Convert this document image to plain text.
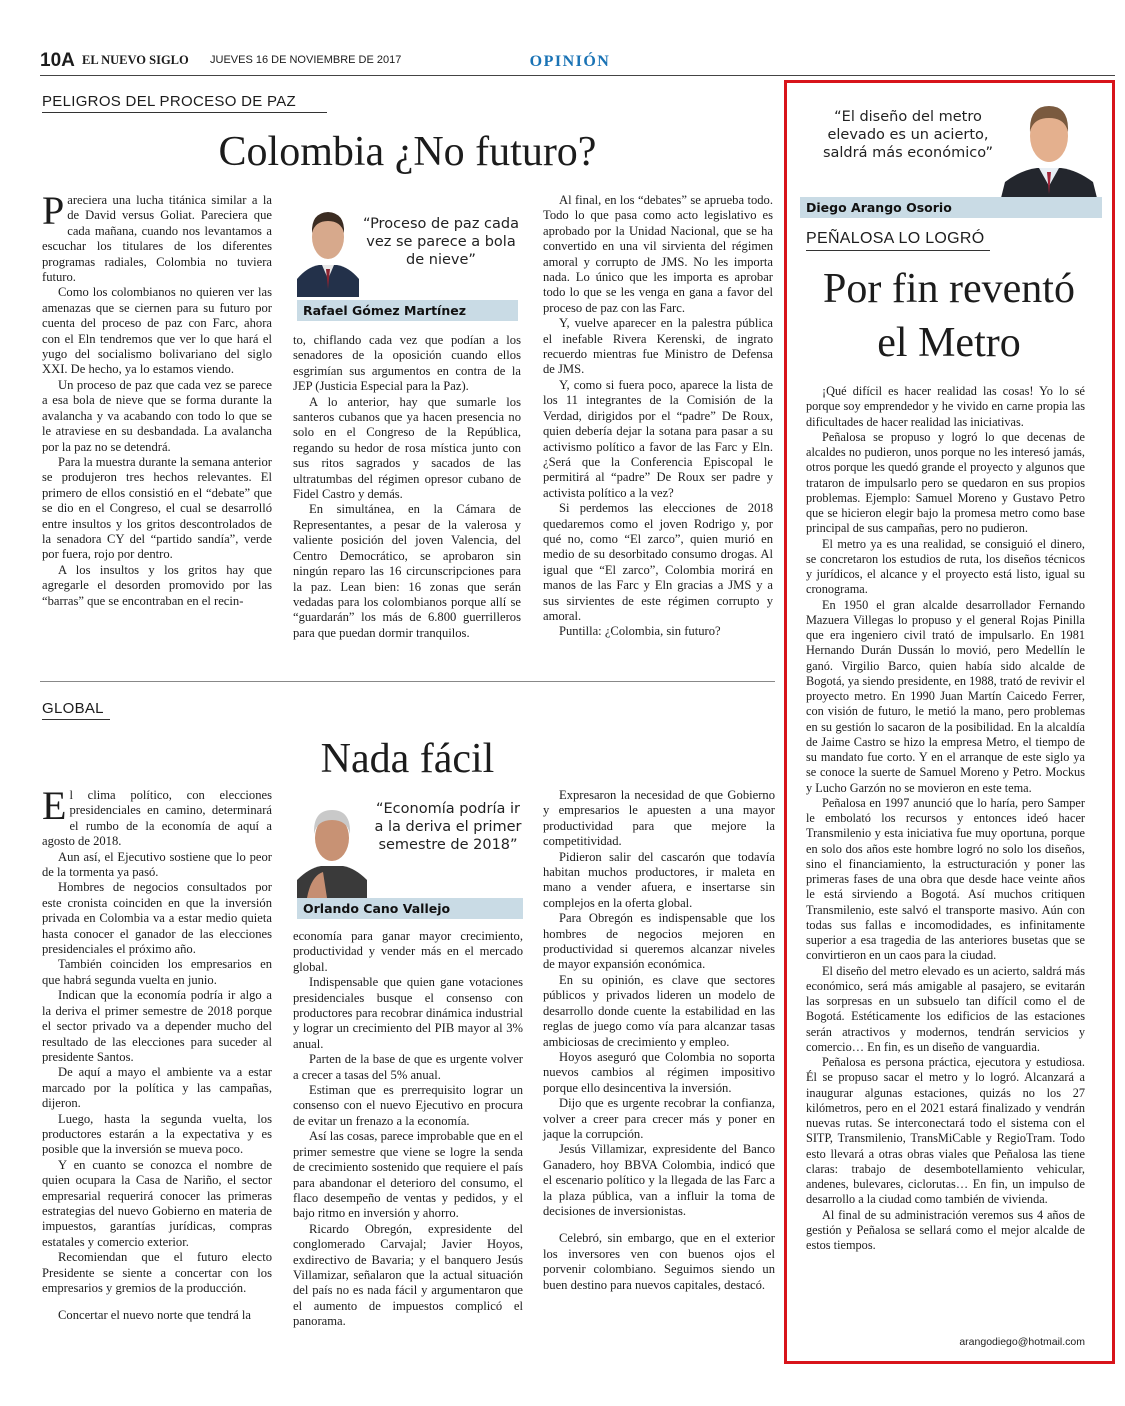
10A EL NUEVO SIGLO JUEVES 16 DE NOVIEMBRE DE 2017	OPINIÓN
PELIGROS DEL PROCESO DE PAZ
Colombia ¿No futuro?

Pareciera una lucha titánica similar a la de David versus Goliat. Pareciera que cada mañana, cuando nos levantamos a escuchar los titulares de los diferentes programas radiales, Colombia no tuviera futuro.

Como los colombianos no quieren ver las amenazas que se ciernen para su futuro por cuenta del proceso de paz con Farc, ahora con el Eln tendremos que ver lo que hará el yugo del socialismo bolivariano del siglo XXI. De hecho, ya lo estamos viendo.

Un proceso de paz que cada vez se parece a esa bola de nieve que se forma durante la avalancha y va acabando con todo lo que se le atraviese en su desbandada. La avalancha por la paz no se detendrá.

Para la muestra durante la semana anterior se produjeron tres hechos relevantes. El primero de ellos consistió en el “debate” que se dio en el Congreso, el cual se desarrolló entre insultos y los gritos descontrolados de la senadora CY del “partido sandía”, verde por fuera, rojo por dentro.

A los insultos y los gritos hay que agregarle el desorden promovido por las “barras” que se encontraban en el recin-

“Proceso de paz cada vez se parece a bola de nieve”
Rafael Gómez Martínez

to, chiflando cada vez que podían a los senadores de la oposición cuando ellos esgrimían sus argumentos en contra de la JEP (Justicia Especial para la Paz).

A lo anterior, hay que sumarle los santeros cubanos que ya hacen presencia no solo en el Congreso de la República, regando su hedor de rosa mística junto con sus ritos sagrados y sacados de las ultratumbas del régimen opresor cubano de Fidel Castro y demás.

En simultánea, en la Cámara de Representantes, a pesar de la valerosa y valiente posición del joven Valencia, del Centro Democrático, se aprobaron sin ningún reparo las 16 circunscripciones para la paz. Lean bien: 16 zonas que serán vedadas para los colombianos porque allí se “guardarán” los más de 6.800 guerrilleros para que puedan dormir tranquilos.

Al final, en los “debates” se aprueba todo. Todo lo que pasa como acto legislativo es aprobado por la Unidad Nacional, que se ha convertido en una vil sirvienta del régimen amoral y corrupto de JMS. No les importa nada. Lo único que les importa es aprobar todo lo que se les venga en gana a favor del proceso de paz con las Farc.

Y, vuelve aparecer en la palestra pública el inefable Rivera Kerenski, de ingrato recuerdo mientras fue Ministro de Defensa de JMS.

Y, como si fuera poco, aparece la lista de los 11 integrantes de la Comisión de la Verdad, dirigidos por el “padre” De Roux, quien debería dejar la sotana para pasar a su activismo político a favor de las Farc y Eln. ¿Será que la Conferencia Episcopal le permitirá al “padre” De Roux ser padre y activista político a la vez?

Si perdemos las elecciones de 2018 quedaremos como el joven Rodrigo y, por qué no, como “El zarco”, quien murió en medio de su desorbitado consumo drogas. Al igual que “El zarco”, Colombia morirá en manos de las Farc y Eln gracias a JMS y a sus sirvientes de este régimen corrupto y amoral.

Puntilla: ¿Colombia, sin futuro?

GLOBAL
Nada fácil

El clima político, con elecciones presidenciales en camino, determinará el rumbo de la economía de aquí a agosto de 2018.

Aun así, el Ejecutivo sostiene que lo peor de la tormenta ya pasó.

Hombres de negocios consultados por este cronista coinciden en que la inversión privada en Colombia va a estar medio quieta hasta conocer el ganador de las elecciones presidenciales el próximo año.

También coinciden los empresarios en que habrá segunda vuelta en junio.

Indican que la economía podría ir algo a la deriva el primer semestre de 2018 porque el sector privado va a depender mucho del resultado de las elecciones para suceder al presidente Santos.

De aquí a mayo el ambiente va a estar marcado por la política y las campañas, dijeron.

Luego, hasta la segunda vuelta, los productores estarán a la expectativa y es posible que la inversión se mueva poco.

Y en cuanto se conozca el nombre de quien ocupara la Casa de Nariño, el sector empresarial requerirá conocer las primeras estrategias del nuevo Gobierno en materia de impuestos, garantías jurídicas, compras estatales y comercio exterior.

Recomiendan que el futuro electo Presidente se siente a concertar con los empresarios y gremios de la producción.

Concertar el nuevo norte que tendrá la

“Economía podría ir a la deriva el primer semestre de 2018”
Orlando Cano Vallejo

economía para ganar mayor crecimiento, productividad y vender más en el mercado global.

Indispensable que quien gane votaciones presidenciales busque el consenso con productores para recobrar dinámica industrial y lograr un crecimiento del PIB mayor al 3% anual.

Parten de la base de que es urgente volver a crecer a tasas del 5% anual.

Estiman que es prerrequisito lograr un consenso con el nuevo Ejecutivo en procura de evitar un frenazo a la economía.

Así las cosas, parece improbable que en el primer semestre que viene se logre la senda de crecimiento sostenido que requiere el país para abandonar el deterioro del consumo, el flaco desempeño de ventas y pedidos, y el bajo ritmo en inversión y ahorro.

Ricardo Obregón, expresidente del conglomerado Carvajal; Javier Hoyos, exdirectivo de Bavaria; y el banquero Jesús Villamizar, señalaron que la actual situación del país no es nada fácil y argumentaron que el aumento de impuestos complicó el panorama.

Expresaron la necesidad de que Gobierno y empresarios le apuesten a una mayor productividad para que mejore la competitividad.

Pidieron salir del cascarón que todavía habitan muchos productores, ir maleta en mano a vender afuera, e insertarse sin complejos en la oferta global.

Para Obregón es indispensable que los hombres de negocios mejoren en productividad si queremos alcanzar niveles de mayor expansión económica.

En su opinión, es clave que sectores públicos y privados lideren un modelo de desarrollo donde cuente la estabilidad en las reglas de juego como vía para alcanzar tasas ambiciosas de crecimiento y empleo.

Hoyos aseguró que Colombia no soporta nuevos cambios al régimen impositivo porque ello desincentiva la inversión.

Dijo que es urgente recobrar la confianza, volver a creer para crecer más y poner en jaque la corrupción.

Jesús Villamizar, expresidente del Banco Ganadero, hoy BBVA Colombia, indicó que el escenario político y la llegada de las Farc a la plaza pública, van a influir la toma de decisiones de inversionistas.

Celebró, sin embargo, que en el exterior los inversores ven con buenos ojos el porvenir colombiano. Seguimos siendo un buen destino para nuevos capitales, destacó.

“El diseño del metro elevado es un acierto, saldrá más económico”
Diego Arango Osorio
PEÑALOSA LO LOGRÓ
Por fin reventó
el Metro

¡Qué difícil es hacer realidad las cosas! Yo lo sé porque soy emprendedor y he vivido en carne propia las dificultades de hacer realidad las iniciativas.

Peñalosa se propuso y logró lo que decenas de alcaldes no pudieron, unos porque no les interesó jamás, otros porque les quedó grande el proyecto y algunos que trataron de impulsarlo pero se quedaron en sus propios problemas. Ejemplo: Samuel Moreno y Gustavo Petro que se hicieron elegir bajo la promesa metro como base principal de sus campañas, pero no pudieron.

El metro ya es una realidad, se consiguió el dinero, se concretaron los estudios de ruta, los diseños técnicos y jurídicos, el alcance y el proyecto está listo, igual su cronograma.

En 1950 el gran alcalde desarrollador Fernando Mazuera Villegas lo propuso y el general Rojas Pinilla que era ingeniero civil trató de impulsarlo. En 1981 Hernando Durán Dussán lo movió, pero Medellín le ganó. Virgilio Barco, quien había sido alcalde de Bogotá, ya siendo presidente, en 1988, trató de revivir el proyecto metro. En 1990 Juan Martín Caicedo Ferrer, con visión de futuro, le metió la mano, pero problemas en su gestión lo sacaron de la posibilidad. En la alcaldía de Jaime Castro se hizo la empresa Metro, el tiempo de su mandato fue corto. Y en el arranque de este siglo ya se conoce la suerte de Samuel Moreno y Petro. Mockus y Lucho Garzón no se movieron en este tema.

Peñalosa en 1997 anunció que lo haría, pero Samper le embolató los recursos y entonces ideó hacer Transmilenio y esta iniciativa fue muy oportuna, porque en solo dos años este hombre logró no solo los diseños, sino el financiamiento, la estructuración y poner las primeras fases de una obra que desde hace veinte años le está sirviendo a Bogotá. Así muchos critiquen Transmilenio, este salvó el transporte masivo. Aún con todas sus fallas e incomodidades, es infinitamente superior a esa tragedia de las anteriores busetas que se convirtieron en un caos para la ciudad.

El diseño del metro elevado es un acierto, saldrá más económico, será más amigable al pasajero, se evitarán las sorpresas en un subsuelo tan difícil como el de Bogotá. Estéticamente los edificios de las estaciones serán atractivos y modernos, tendrán servicios y comercio… En fin, es un diseño de vanguardia.

Peñalosa es persona práctica, ejecutora y estudiosa. Él se propuso sacar el metro y lo logró. Alcanzará a inaugurar algunas estaciones, quizás no los 27 kilómetros, pero en el 2021 estará finalizado y vendrán nuevas rutas. Se interconectará todo el sistema con el SITP, Transmilenio, TransMiCable y RegioTram. Todo esto llevará a otras obras viales que Peñalosa las tiene claras: trabajo de desembotellamiento vehicular, andenes, bulevares, ciclorutas… En fin, un impulso de desarrollo a la ciudad como también de vivienda.

Al final de su administración veremos sus 4 años de gestión y Peñalosa se sellará como el mejor alcalde de estos tiempos.

arangodiego@hotmail.com
